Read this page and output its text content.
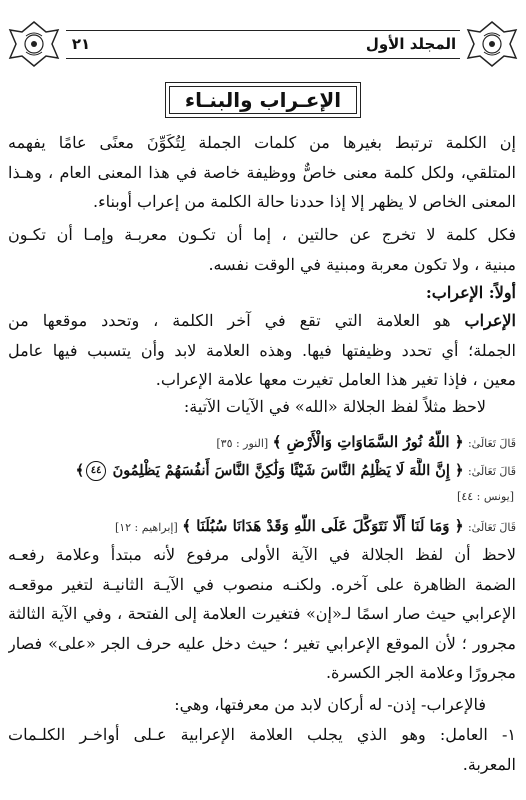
٢١	المجلد الأول
الإعـراب والبنـاء
إن الكلمة ترتبط بغيرها من كلمات الجملة لِتُكَوِّنَ معنًى عامًا يفهمه
المتلقي، ولكل كلمة معنى خاصٌّ ووظيفة خاصة في هذا المعنى العام ، وهـذا
المعنى الخاص لا يظهر إلا إذا حددنا حالة الكلمة من إعراب أوبناء.
فكل كلمة لا تخرج عن حالتين ، إما أن تكـون معربـة وإمـا أن تكـون
مبنية ، ولا تكون معربة ومبنية في الوقت نفسه.
أولاً: الإعراب:
الإعراب هو العلامة التي تقع في آخر الكلمة ، وتحدد موقعها من
الجملة؛ أي تحدد وظيفتها فيها. وهذه العلامة لابد وأن يتسبب فيها عامل
معين ، فإذا تغير هذا العامل تغيرت معها علامة الإعراب.
لاحظ مثلاً لفظ الجلالة «الله» في الآيات الآتية:
قَالَ تَعَالَىٰ: ﴿ اللَّهُ نُورُ السَّمَاوَاتِ وَالْأَرْضِ ﴾ [النور : ٣٥]
قَالَ تَعَالَىٰ: ﴿ إِنَّ اللَّهَ لَا يَظْلِمُ النَّاسَ شَيْئًا وَلَٰكِنَّ النَّاسَ أَنفُسَهُمْ يَظْلِمُونَ ٤٤﴾
[يونس : ٤٤]
قَالَ تَعَالَىٰ: ﴿ وَمَا لَنَا أَلَّا نَتَوَكَّلَ عَلَى اللَّهِ وَقَدْ هَدَانَا سُبُلَنَا ﴾ [إبراهيم : ١٢]
لاحظ أن لفظ الجلالة في الآية الأولى مرفوع لأنه مبتدأ وعلامة رفعـه
الضمة الظاهرة على آخره. ولكنـه منصوب في الآيـة الثانيـة لتغير موقعـه
الإعرابي حيث صار اسمًا لـ«إن» فتغيرت العلامة إلى الفتحة ، وفي الآية الثالثة
مجرور ؛ لأن الموقع الإعرابي تغير ؛ حيث دخل عليه حرف الجر «على» فصار
مجرورًا وعلامة الجر الكسرة.
فالإعراب- إذن- له أركان لابد من معرفتها، وهي:
١- العامل: وهو الذي يجلب العلامة الإعرابية عـلى أواخـر الكلـمات
المعربة.
